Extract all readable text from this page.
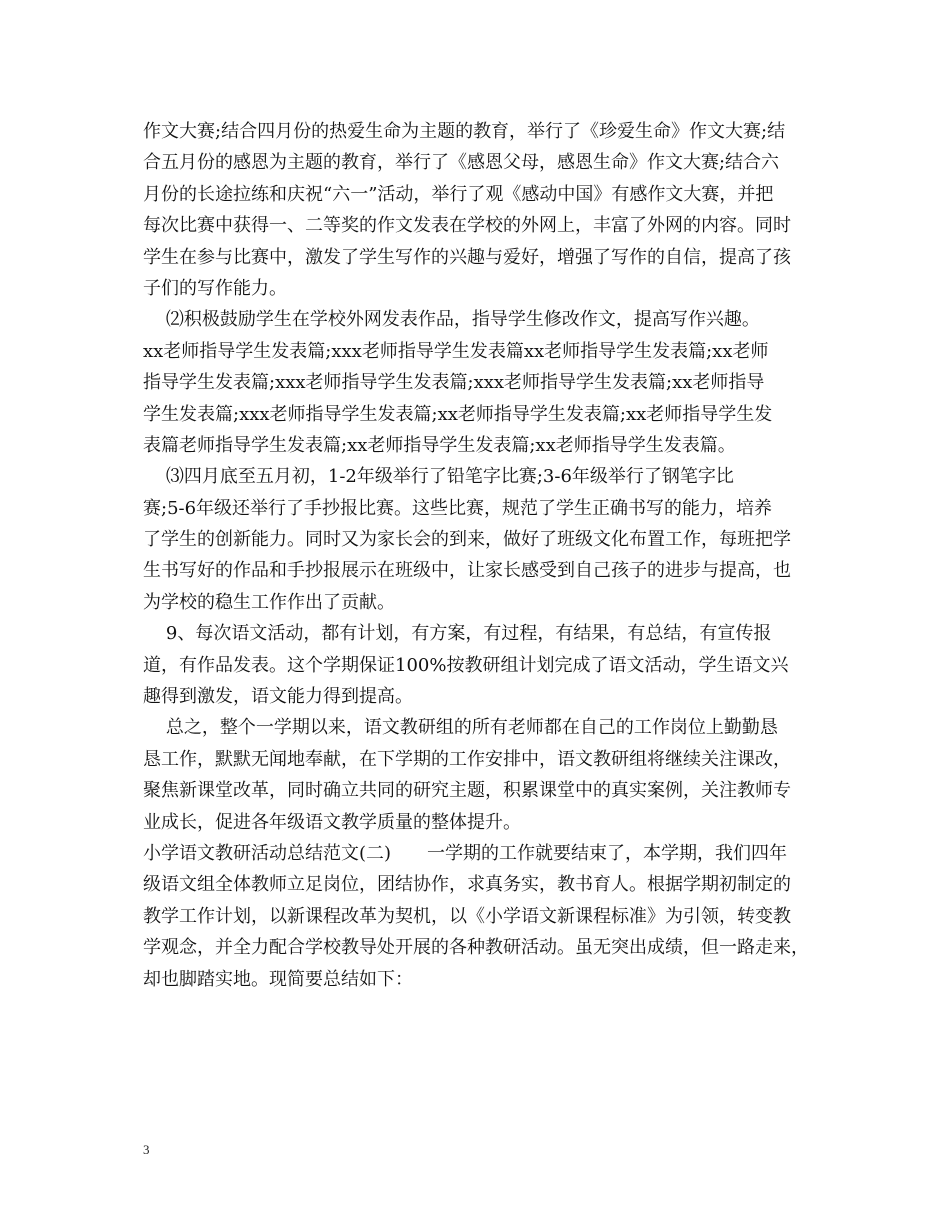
作文大赛;结合四月份的热爱生命为主题的教育，举行了《珍爱生命》作文大赛;结
合五月份的感恩为主题的教育，举行了《感恩父母，感恩生命》作文大赛;结合六
月份的长途拉练和庆祝“六一”活动，举行了观《感动中国》有感作文大赛，并把
每次比赛中获得一、二等奖的作文发表在学校的外网上，丰富了外网的内容。同时
学生在参与比赛中，激发了学生写作的兴趣与爱好，增强了写作的自信，提高了孩
子们的写作能力。
⑵积极鼓励学生在学校外网发表作品，指导学生修改作文，提高写作兴趣。
xx老师指导学生发表篇;xxx老师指导学生发表篇xx老师指导学生发表篇;xx老师
指导学生发表篇;xxx老师指导学生发表篇;xxx老师指导学生发表篇;xx老师指导
学生发表篇;xxx老师指导学生发表篇;xx老师指导学生发表篇;xx老师指导学生发
表篇老师指导学生发表篇;xx老师指导学生发表篇;xx老师指导学生发表篇。
⑶四月底至五月初，1-2年级举行了铅笔字比赛;3-6年级举行了钢笔字比
赛;5-6年级还举行了手抄报比赛。这些比赛，规范了学生正确书写的能力，培养
了学生的创新能力。同时又为家长会的到来，做好了班级文化布置工作，每班把学
生书写好的作品和手抄报展示在班级中，让家长感受到自己孩子的进步与提高，也
为学校的稳生工作作出了贡献。
9、每次语文活动，都有计划，有方案，有过程，有结果，有总结，有宣传报
道，有作品发表。这个学期保证100%按教研组计划完成了语文活动，学生语文兴
趣得到激发，语文能力得到提高。
总之，整个一学期以来，语文教研组的所有老师都在自己的工作岗位上勤勤恳
恳工作，默默无闻地奉献，在下学期的工作安排中，语文教研组将继续关注课改，
聚焦新课堂改革，同时确立共同的研究主题，积累课堂中的真实案例，关注教师专
业成长，促进各年级语文教学质量的整体提升。
小学语文教研活动总结范文(二)　　一学期的工作就要结束了，本学期，我们四年
级语文组全体教师立足岗位，团结协作，求真务实，教书育人。根据学期初制定的
教学工作计划，以新课程改革为契机，以《小学语文新课程标准》为引领，转变教
学观念，并全力配合学校教导处开展的各种教研活动。虽无突出成绩，但一路走来，
却也脚踏实地。现简要总结如下：
3
